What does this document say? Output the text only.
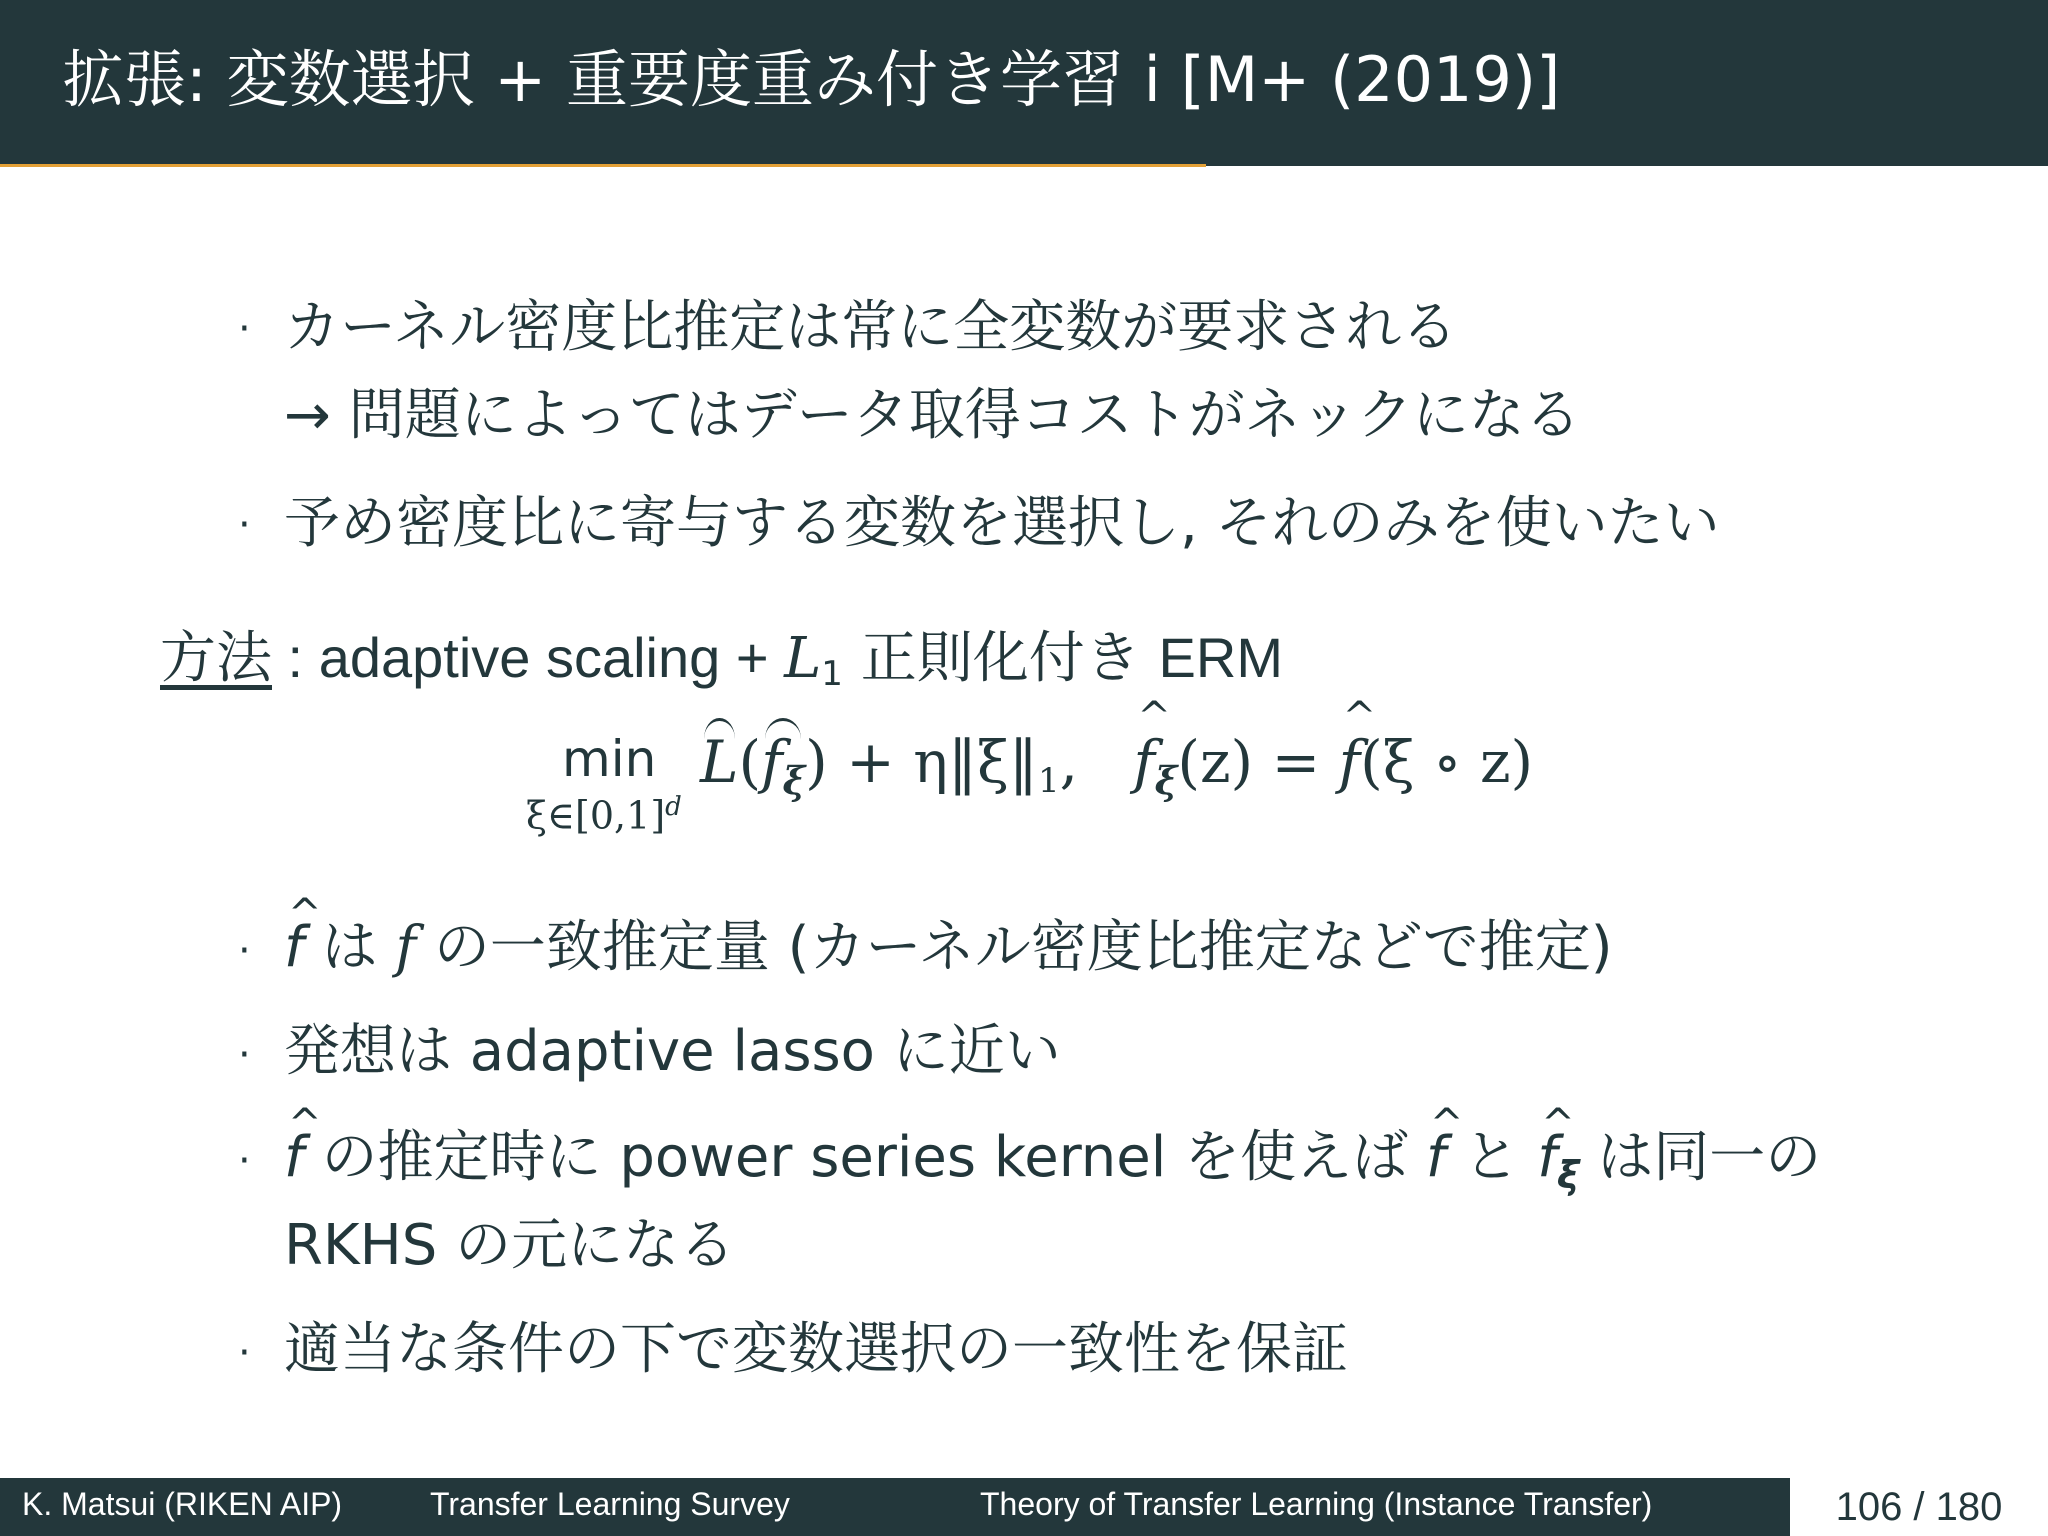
拡張: 変数選択 + 重要度重み付き学習 i [M+ (2019)]
· カーネル密度比推定は常に全変数が要求される
→ 問題によってはデータ取得コストがネックになる
· 予め密度比に寄与する変数を選択し, それのみを使いたい
方法 : adaptive scaling + $L_1$ 正則化付き ERM
min
$\xi\in[0,1]^d$
$L(f_\xi)$ + $\eta‖\xi‖_1$, ^ $f_\xi(z)$ = ^ f(ξ ∘ z)
· ^ f は f の一致推定量 (カーネル密度比推定などで推定)
· 発想は adaptive lasso に近い
· ^ f の推定時に power series kernel を使えば ^ f と ^ $f_\xi$ は同一の
RKHS の元になる
· 適当な条件の下で変数選択の一致性を保証
K. Matsui (RIKEN AIP)	Transfer Learning Survey	Theory of Transfer Learning (Instance Transfer)	106 / 180
